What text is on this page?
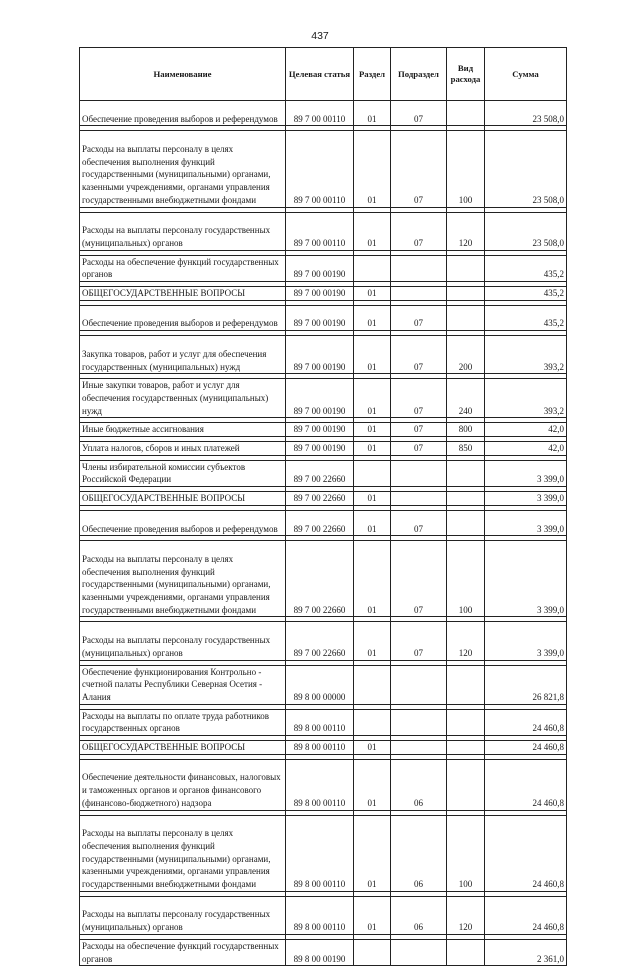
437
Наименование	Целевая статья	Раздел	Подраздел	Вид расхода	Сумма
Обеспечение проведения выборов и референдумов	89 7 00 00110	01	07		23 508,0

Расходы на выплаты персоналу в целях обеспечения выполнения функций государственными (муниципальными) органами, казенными учреждениями, органами управления государственными внебюджетными фондами	89 7 00 00110	01	07	100	23 508,0

Расходы на выплаты персоналу государственных (муниципальных) органов	89 7 00 00110	01	07	120	23 508,0

Расходы на обеспечение функций государственных органов	89 7 00 00190				435,2

ОБЩЕГОСУДАРСТВЕННЫЕ ВОПРОСЫ	89 7 00 00190	01			435,2

Обеспечение проведения выборов и референдумов	89 7 00 00190	01	07		435,2

Закупка товаров, работ и услуг для обеспечения государственных (муниципальных) нужд	89 7 00 00190	01	07	200	393,2

Иные закупки товаров, работ и услуг для обеспечения государственных (муниципальных) нужд	89 7 00 00190	01	07	240	393,2

Иные бюджетные ассигнования	89 7 00 00190	01	07	800	42,0

Уплата налогов, сборов и иных платежей	89 7 00 00190	01	07	850	42,0

Члены избирательной комиссии субъектов Российской Федерации	89 7 00 22660				3 399,0

ОБЩЕГОСУДАРСТВЕННЫЕ ВОПРОСЫ	89 7 00 22660	01			3 399,0

Обеспечение проведения выборов и референдумов	89 7 00 22660	01	07		3 399,0

Расходы на выплаты персоналу в целях обеспечения выполнения функций государственными (муниципальными) органами, казенными учреждениями, органами управления государственными внебюджетными фондами	89 7 00 22660	01	07	100	3 399,0

Расходы на выплаты персоналу государственных (муниципальных) органов	89 7 00 22660	01	07	120	3 399,0

Обеспечение функционирования Контрольно - счетной палаты Республики Северная Осетия - Алания	89 8 00 00000				26 821,8

Расходы на выплаты по оплате труда работников государственных органов	89 8 00 00110				24 460,8

ОБЩЕГОСУДАРСТВЕННЫЕ ВОПРОСЫ	89 8 00 00110	01			24 460,8

Обеспечение деятельности финансовых, налоговых и таможенных органов и органов финансового (финансово-бюджетного) надзора	89 8 00 00110	01	06		24 460,8

Расходы на выплаты персоналу в целях обеспечения выполнения функций государственными (муниципальными) органами, казенными учреждениями, органами управления государственными внебюджетными фондами	89 8 00 00110	01	06	100	24 460,8

Расходы на выплаты персоналу государственных (муниципальных) органов	89 8 00 00110	01	06	120	24 460,8

Расходы на обеспечение функций государственных органов	89 8 00 00190				2 361,0
